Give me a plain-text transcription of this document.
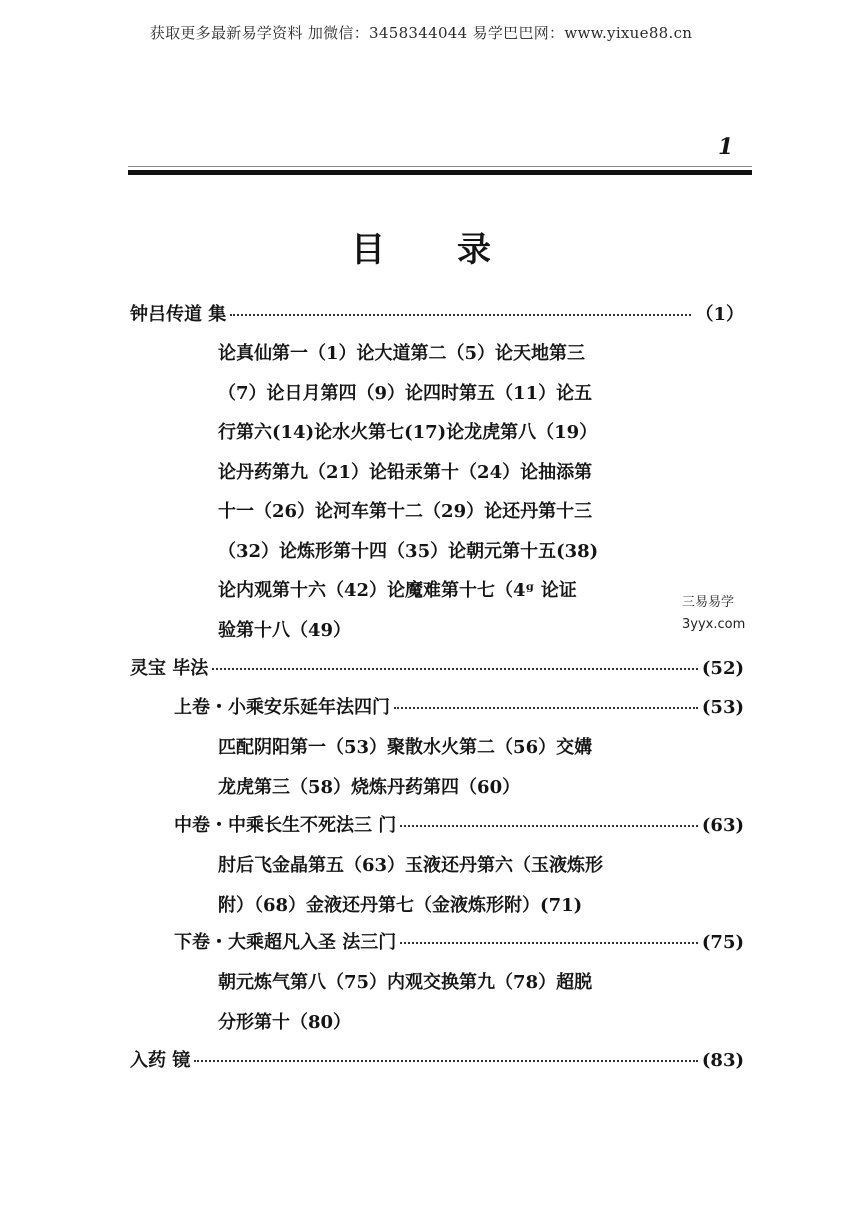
获取更多最新易学资料 加微信：3458344044 易学巴巴网：www.yixue88.cn
1
目 录
钟吕传道 集	（1）
论真仙第一（1）论大道第二（5）论天地第三
（7）论日月第四（9）论四时第五（11）论五
行第六(14)论水火第七(17)论龙虎第八（19）
论丹药第九（21）论铅汞第十（24）论抽添第
十一（26）论河车第十二（29）论还丹第十三
（32）论炼形第十四（35）论朝元第十五(38)
论内观第十六（42）论魔难第十七（4ᶢ 论证
验第十八（49）
三易易学
3yyx.com
灵宝 毕法	(52)
上卷・小乘安乐延年法四门	(53)
匹配阴阳第一（53）聚散水火第二（56）交媾
龙虎第三（58）烧炼丹药第四（60）
中卷・中乘长生不死法三 门	(63)
肘后飞金晶第五（63）玉液还丹第六（玉液炼形
附）（68）金液还丹第七（金液炼形附）(71)
下卷・大乘超凡入圣 法三门	(75)
朝元炼气第八（75）内观交换第九（78）超脱
分形第十（80）
入药 镜	(83)
